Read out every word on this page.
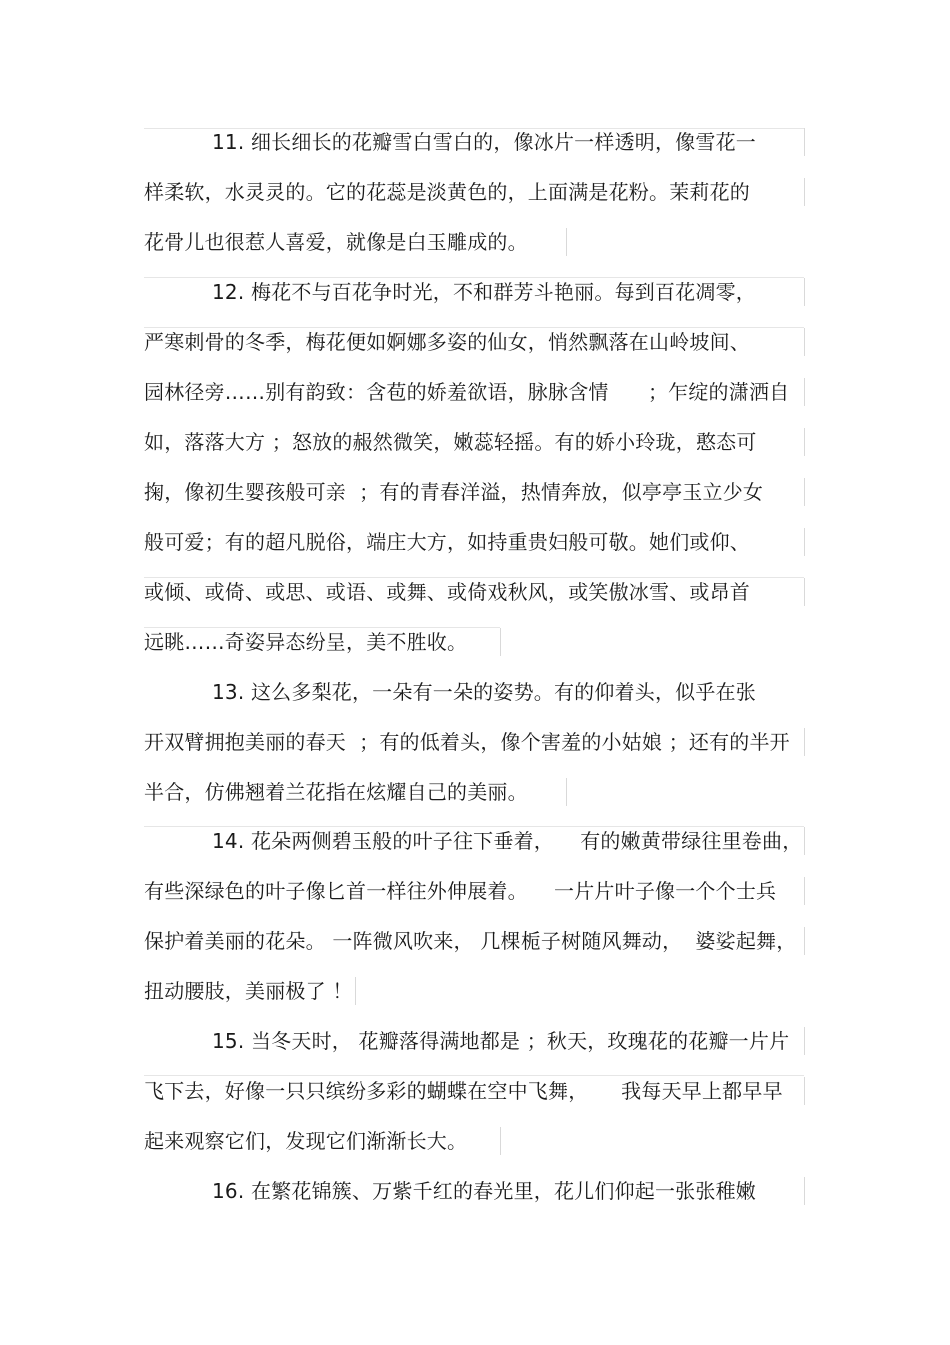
11. 细长细长的花瓣雪白雪白的，像冰片一样透明，像雪花一
样柔软，水灵灵的。它的花蕊是淡黄色的，上面满是花粉。茉莉花的
花骨儿也很惹人喜爱，就像是白玉雕成的。
12. 梅花不与百花争时光，不和群芳斗艳丽。每到百花凋零，
严寒刺骨的冬季，梅花便如婀娜多姿的仙女，悄然飘落在山岭坡间、
园林径旁……别有韵致：含苞的娇羞欲语，脉脉含情      ；乍绽的潇洒自
如，落落大方 ；怒放的赧然微笑，嫩蕊轻摇。有的娇小玲珑，憨态可
掬，像初生婴孩般可亲  ；有的青春洋溢，热情奔放，似亭亭玉立少女
般可爱；有的超凡脱俗，端庄大方，如持重贵妇般可敬。她们或仰、
或倾、或倚、或思、或语、或舞、或倚戏秋风，或笑傲冰雪、或昂首
远眺……奇姿异态纷呈，美不胜收。
13. 这么多梨花，一朵有一朵的姿势。有的仰着头，似乎在张
开双臂拥抱美丽的春天  ；有的低着头，像个害羞的小姑娘 ；还有的半开
半合，仿佛翘着兰花指在炫耀自己的美丽。
14. 花朵两侧碧玉般的叶子往下垂着，    有的嫩黄带绿往里卷曲，
有些深绿色的叶子像匕首一样往外伸展着。    一片片叶子像一个个士兵
保护着美丽的花朵。 一阵微风吹来， 几棵栀子树随风舞动，  婆娑起舞，
扭动腰肢，美丽极了 ！
15. 当冬天时， 花瓣落得满地都是 ；秋天，玫瑰花的花瓣一片片
飞下去，好像一只只缤纷多彩的蝴蝶在空中飞舞，     我每天早上都早早
起来观察它们，发现它们渐渐长大。
16. 在繁花锦簇、万紫千红的春光里，花儿们仰起一张张稚嫩
